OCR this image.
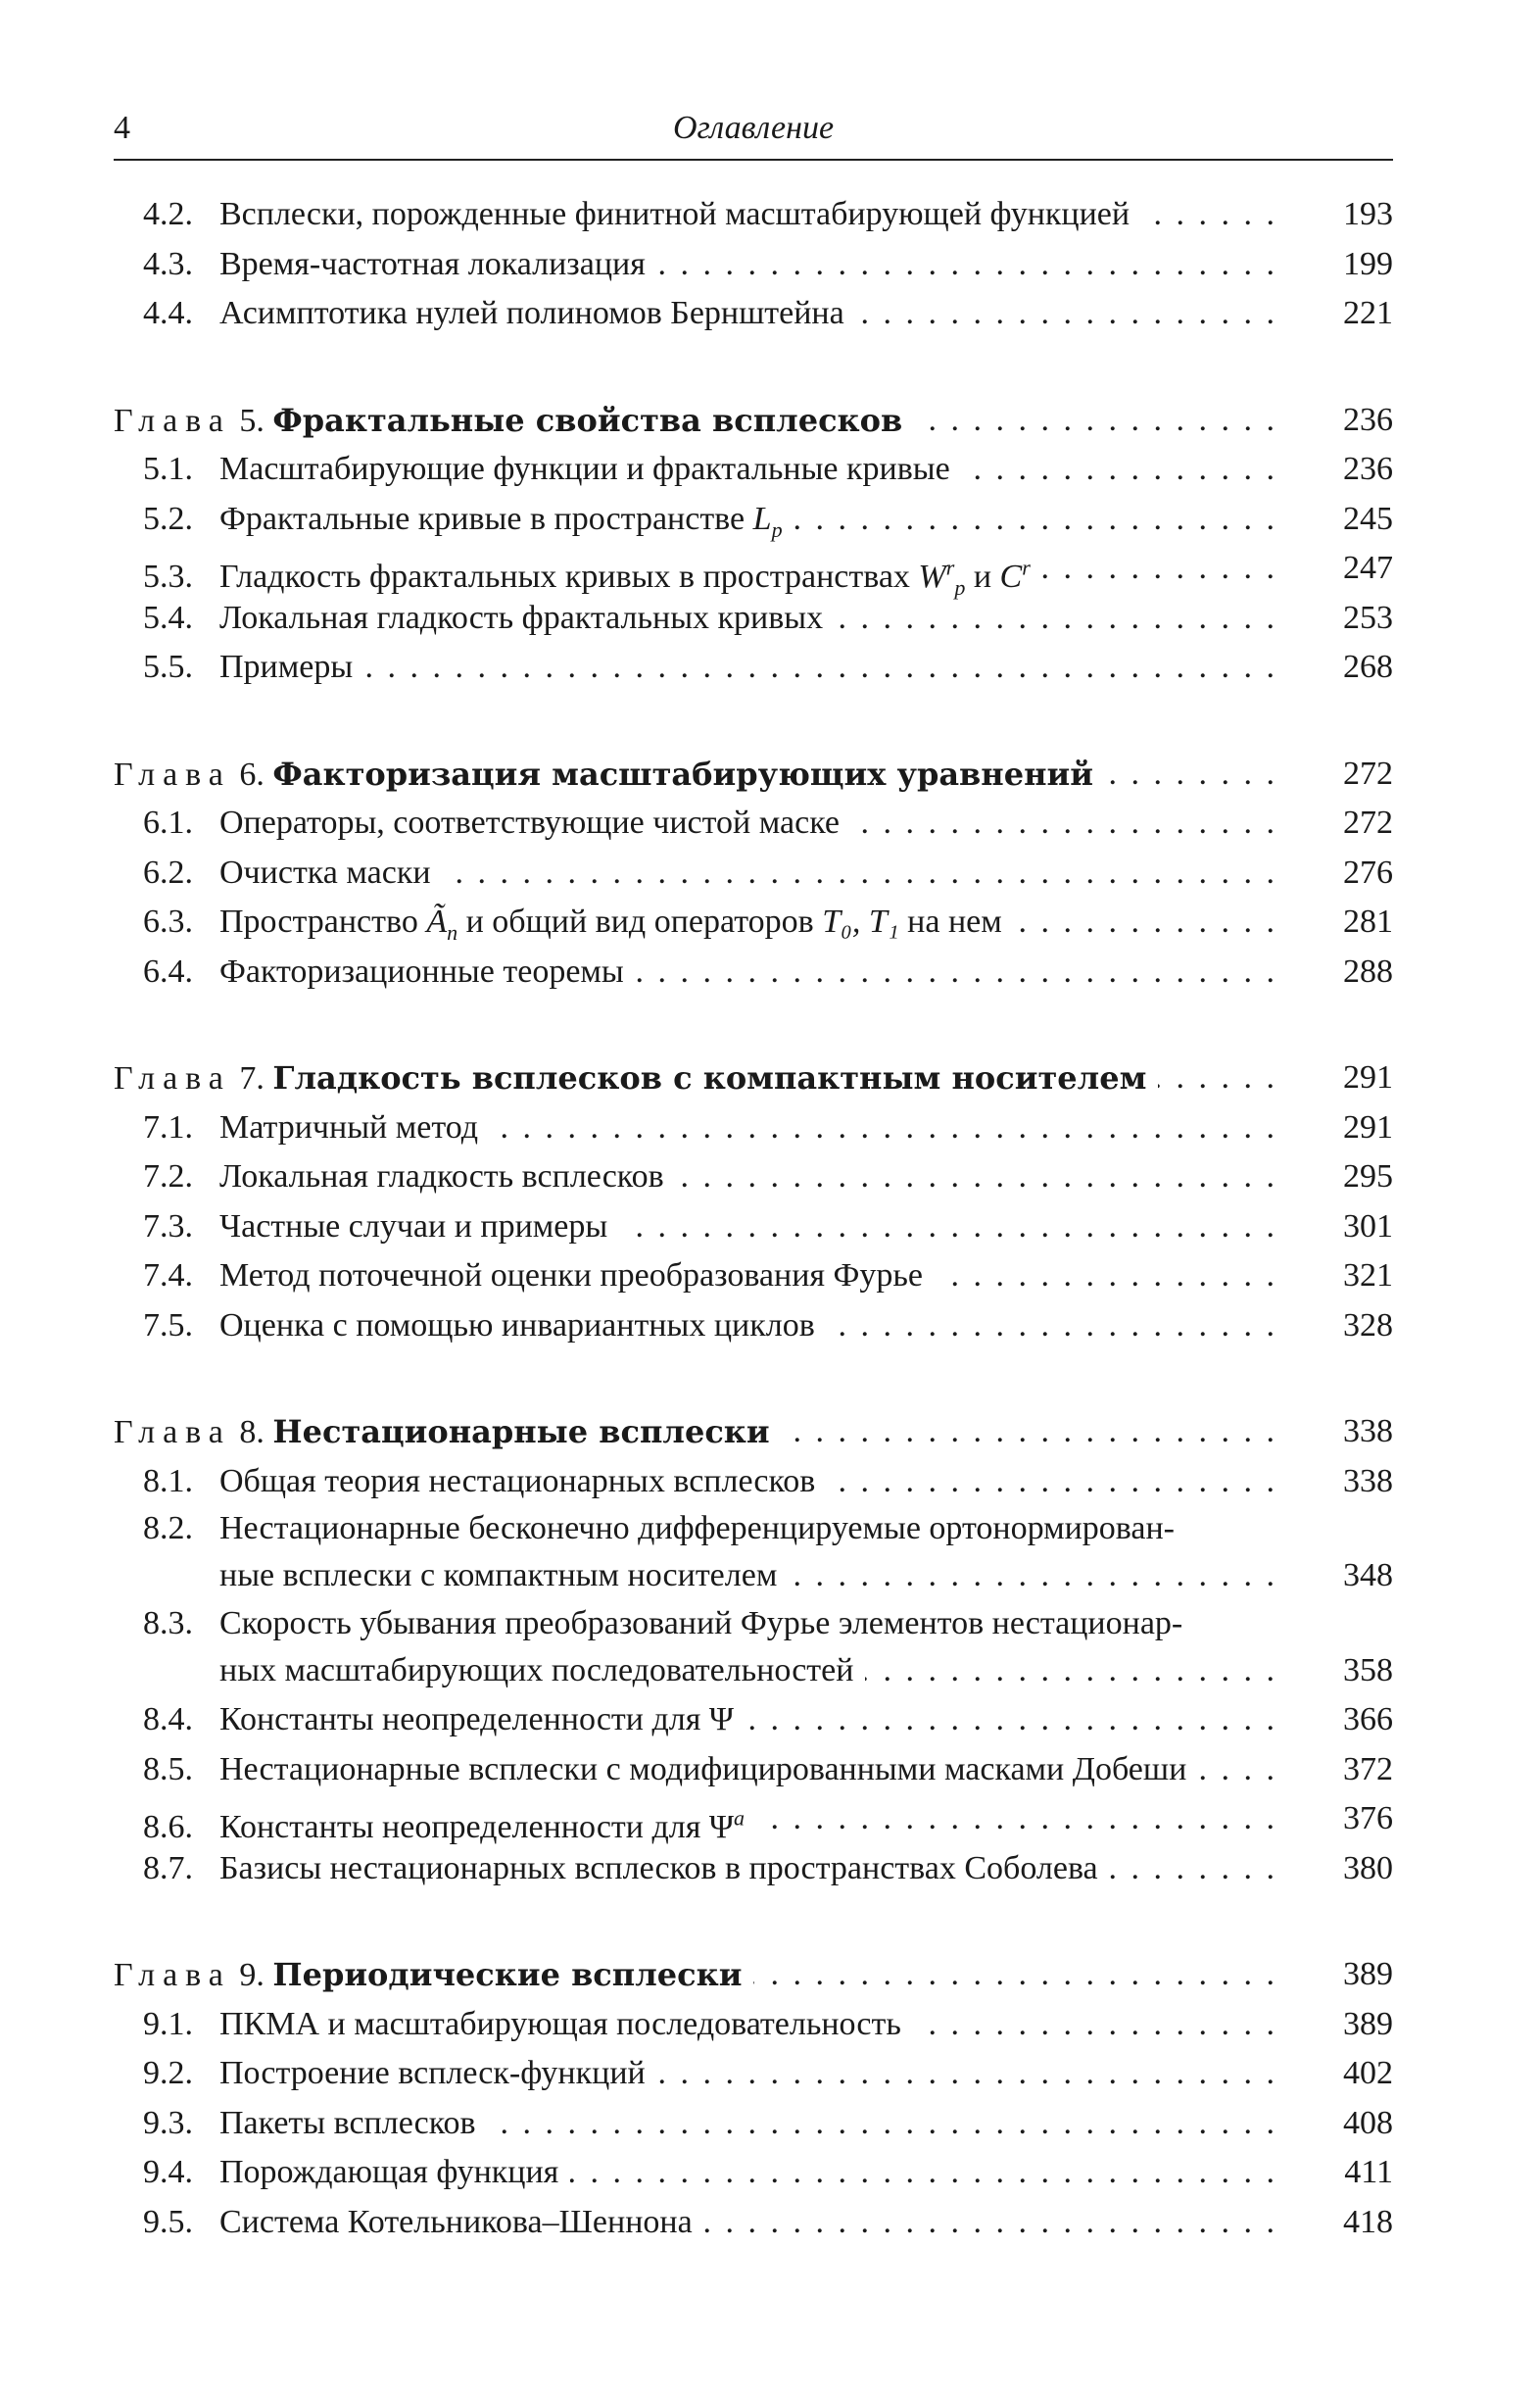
4	Оглавление
4.2. Всплески, порожденные финитной масштабирующей функцией . . .	193
4.3. Время-частотная локализация . . .	199
4.4. Асимптотика нулей полиномов Бернштейна . . .	221
Глава 5. Фрактальные свойства всплесков . . .	236
5.1. Масштабирующие функции и фрактальные кривые . . .	236
5.2. Фрактальные кривые в пространстве $L_p$ . . .	245
5.3. Гладкость фрактальных кривых в пространствах $W^r_p$ и $C^r$ . . .	247
5.4. Локальная гладкость фрактальных кривых . . .	253
5.5. Примеры . . .	268
Глава 6. Факторизация масштабирующих уравнений . . .	272
6.1. Операторы, соответствующие чистой маске . . .	272
6.2. Очистка маски . . .	276
6.3. Пространство $Ã_n$ и общий вид операторов T₀, T₁ на нем . . .	281
6.4. Факторизационные теоремы . . .	288
Глава 7. Гладкость всплесков с компактным носителем . . .	291
7.1. Матричный метод . . .	291
7.2. Локальная гладкость всплесков . . .	295
7.3. Частные случаи и примеры . . .	301
7.4. Метод поточечной оценки преобразования Фурье . . .	321
7.5. Оценка с помощью инвариантных циклов . . .	328
Глава 8. Нестационарные всплески . . .	338
8.1. Общая теория нестационарных всплесков . . .	338
8.2. Нестационарные бесконечно дифференцируемые ортонормирован-
ные всплески с компактным носителем . . .	348
8.3. Скорость убывания преобразований Фурье элементов нестационар-
ных масштабирующих последовательностей . . .	358
8.4. Константы неопределенности для Ψ . . .	366
8.5. Нестационарные всплески с модифицированными масками Добеши . . .	372
8.6. Константы неопределенности для $\Psi^a$ . . .	376
8.7. Базисы нестационарных всплесков в пространствах Соболева . . .	380
Глава 9. Периодические всплески . . .	389
9.1. ПКМА и масштабирующая последовательность . . .	389
9.2. Построение всплеск-функций . . .	402
9.3. Пакеты всплесков . . .	408
9.4. Порождающая функция . . .	411
9.5. Система Котельникова–Шеннона . . .	418
